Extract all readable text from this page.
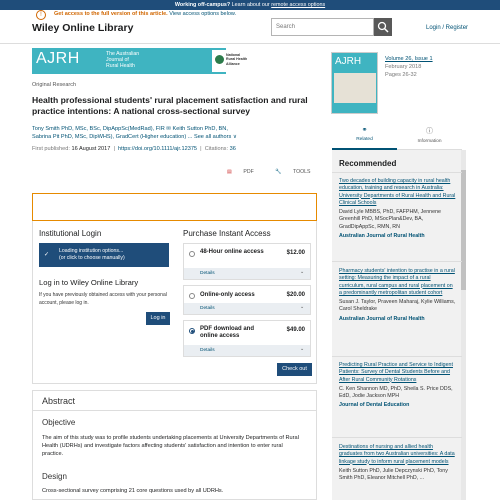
Working off-campus? Learn about our remote access options
Wiley Online Library	Search	Login / Register
AJRH	The Australian
Journal of
Rural Health
National
Rural Health
Alliance	AJRH	Volume 26, Issue 1
February 2018
Pages 26-32
Original Research
Health professional students' rural placement satisfaction and rural practice intentions: A national cross-sectional survey
Tony Smith PhD, MSc, BSc, DipAppSc(MedRad), FIR ✉ Keith Sutton PhD, BN,
Sabrina Pit PhD, MSc, DipWHS), GradCert (Higher education) ... See all authors ∨
First published: 16 August 2017  |  https://doi.org/10.1111/ajr.12375  |  Citations: 36
▤ PDF	🔧 TOOLS
!	Get access to the full version of this article. View access options below.
Institutional Login
✓
Loading institution options...
(or click to choose manually)
Log in to Wiley Online Library
If you have previously obtained access with your personal account, please log in.
Log in
Purchase Instant Access
48-Hour online access	$12.00
Details	⌄
Online-only access	$20.00
Details	⌄
PDF download and online access
$49.00
Details	⌄
Check out
Abstract
Objective
The aim of this study was to profile students undertaking placements at University Departments of Rural Health (UDRHs) and investigate factors affecting students' satisfaction and intention to enter rural practice.
Design
Cross-sectional survey comprising 21 core questions used by all UDRHs.
⚭
Related
ⓘ
Information
Recommended
Two decades of building capacity in rural health education, training and research in Australia: University Departments of Rural Health and Rural Clinical Schools
David Lyle MBBS, PhD, FAFPHM, Jennene Greenhill PhD, MSocPlan&Dev, BA, GradDipAppSc, RMN, RN
Australian Journal of Rural Health
Pharmacy students' intention to practise in a rural setting: Measuring the impact of a rural curriculum, rural campus and rural placement on a predominantly metropolitan student cohort
Susan J. Taylor, Praveen Maharaj, Kylie Williams, Carol Sheldrake
Australian Journal of Rural Health
Predicting Rural Practice and Service to Indigent Patients: Survey of Dental Students Before and After Rural Community Rotations
C. Ken Shannon MD, PhD, Sheila S. Price DDS, EdD, Jodie Jackson MPH
Journal of Dental Education
Destinations of nursing and allied health graduates from two Australian universities: A data linkage study to inform rural placement models
Keith Sutton PhD, Julie Depczynski PhD, Tony Smith PhD, Eleanor Mitchell PhD, ...
